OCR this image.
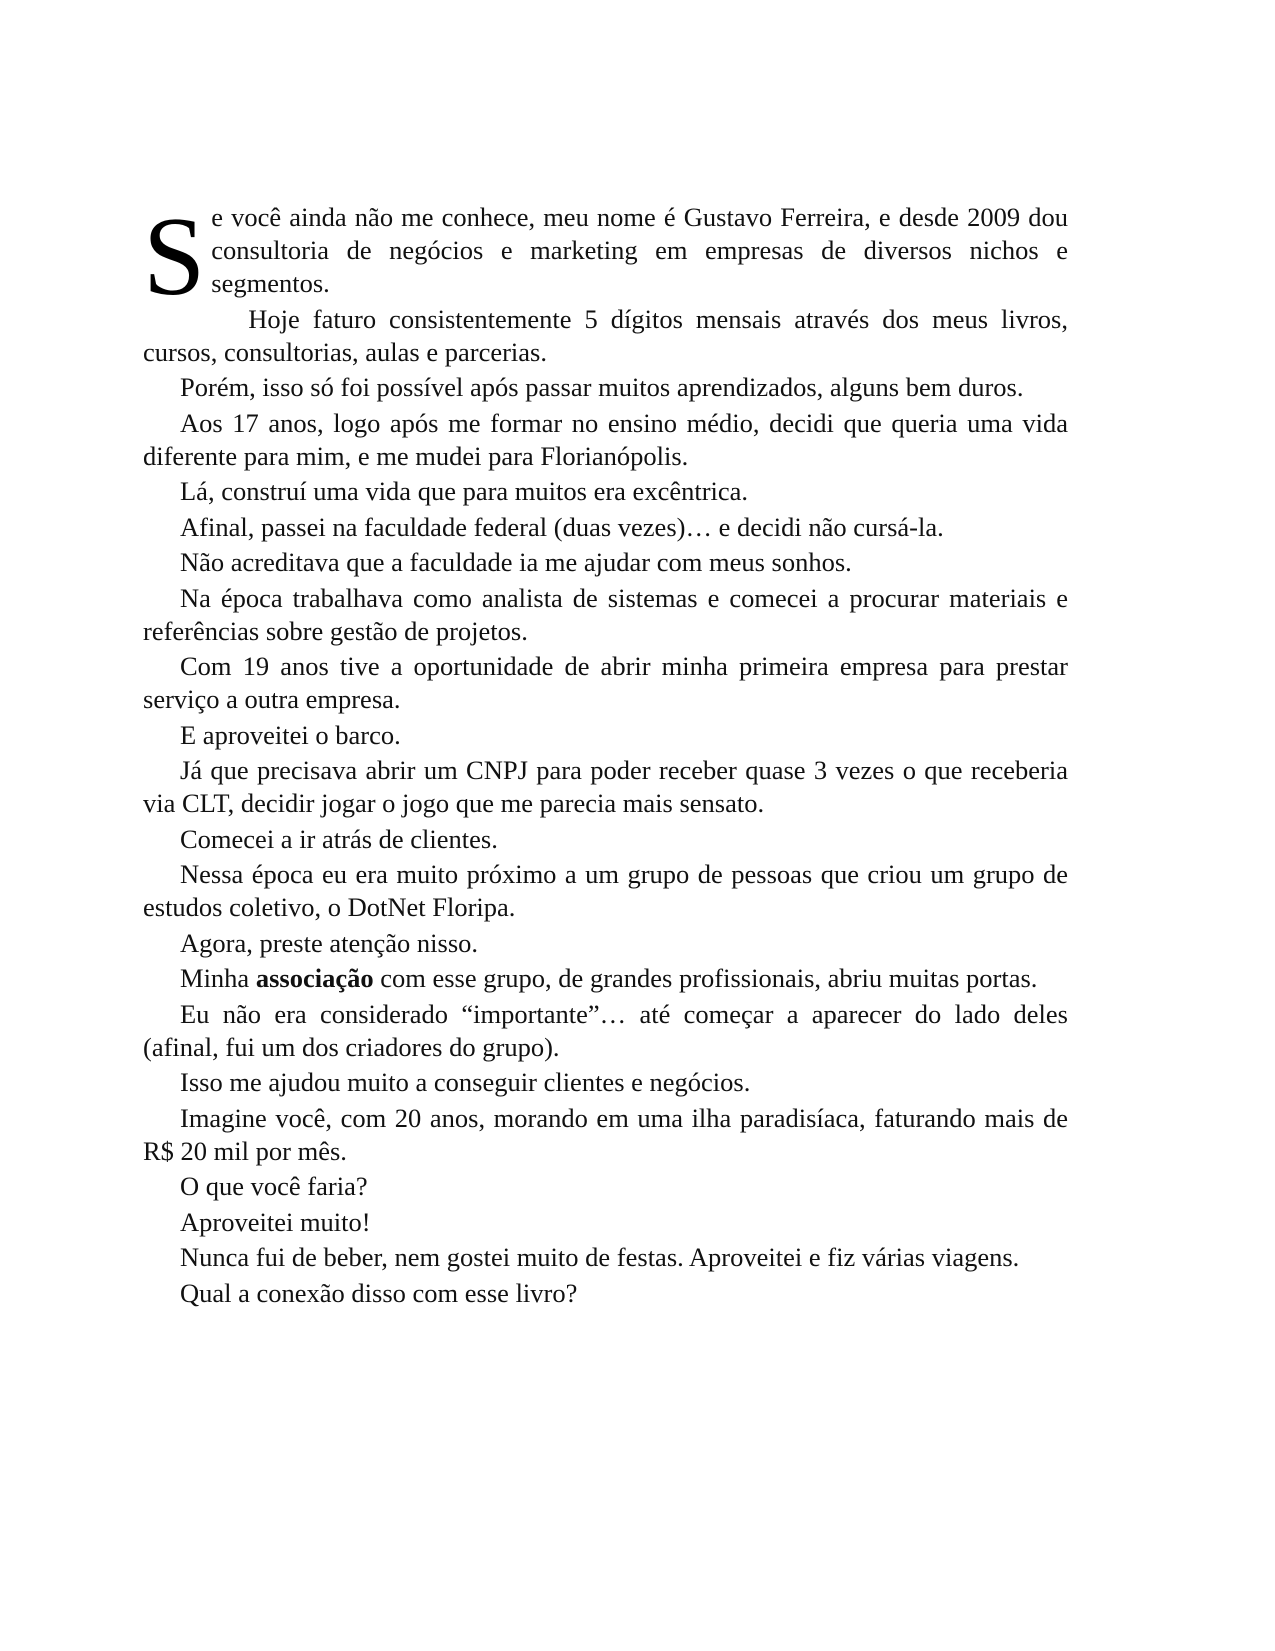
Se você ainda não me conhece, meu nome é Gustavo Ferreira, e desde 2009 dou consultoria de negócios e marketing em empresas de diversos nichos e segmentos.

Hoje faturo consistentemente 5 dígitos mensais através dos meus livros, cursos, consultorias, aulas e parcerias.

Porém, isso só foi possível após passar muitos aprendizados, alguns bem duros.

Aos 17 anos, logo após me formar no ensino médio, decidi que queria uma vida diferente para mim, e me mudei para Florianópolis.

Lá, construí uma vida que para muitos era excêntrica.

Afinal, passei na faculdade federal (duas vezes)… e decidi não cursá-la.

Não acreditava que a faculdade ia me ajudar com meus sonhos.

Na época trabalhava como analista de sistemas e comecei a procurar materiais e referências sobre gestão de projetos.

Com 19 anos tive a oportunidade de abrir minha primeira empresa para prestar serviço a outra empresa.

E aproveitei o barco.

Já que precisava abrir um CNPJ para poder receber quase 3 vezes o que receberia via CLT, decidir jogar o jogo que me parecia mais sensato.

Comecei a ir atrás de clientes.

Nessa época eu era muito próximo a um grupo de pessoas que criou um grupo de estudos coletivo, o DotNet Floripa.

Agora, preste atenção nisso.

Minha associação com esse grupo, de grandes profissionais, abriu muitas portas.

Eu não era considerado “importante”… até começar a aparecer do lado deles (afinal, fui um dos criadores do grupo).

Isso me ajudou muito a conseguir clientes e negócios.

Imagine você, com 20 anos, morando em uma ilha paradisíaca, faturando mais de R$ 20 mil por mês.

O que você faria?

Aproveitei muito!

Nunca fui de beber, nem gostei muito de festas. Aproveitei e fiz várias viagens.

Qual a conexão disso com esse livro?
